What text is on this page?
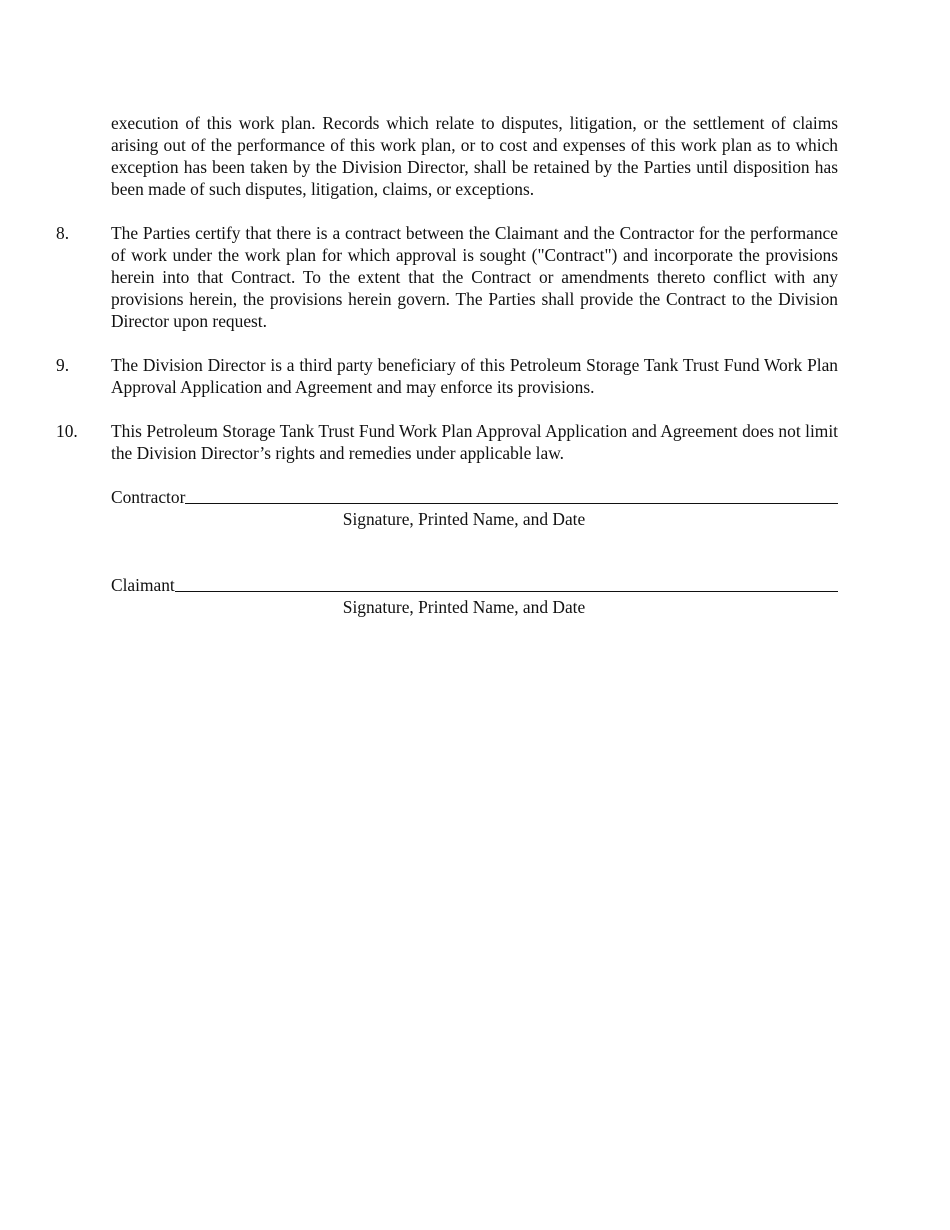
execution of this work plan. Records which relate to disputes, litigation, or the settlement of claims arising out of the performance of this work plan, or to cost and expenses of this work plan as to which exception has been taken by the Division Director, shall be retained by the Parties until disposition has been made of such disputes, litigation, claims, or exceptions.

8. The Parties certify that there is a contract between the Claimant and the Contractor for the performance of work under the work plan for which approval is sought ("Contract") and incorporate the provisions herein into that Contract. To the extent that the Contract or amendments thereto conflict with any provisions herein, the provisions herein govern. The Parties shall provide the Contract to the Division Director upon request.

9. The Division Director is a third party beneficiary of this Petroleum Storage Tank Trust Fund Work Plan Approval Application and Agreement and may enforce its provisions.

10. This Petroleum Storage Tank Trust Fund Work Plan Approval Application and Agreement does not limit the Division Director’s rights and remedies under applicable law.

Contractor
Signature, Printed Name, and Date
Claimant
Signature, Printed Name, and Date
